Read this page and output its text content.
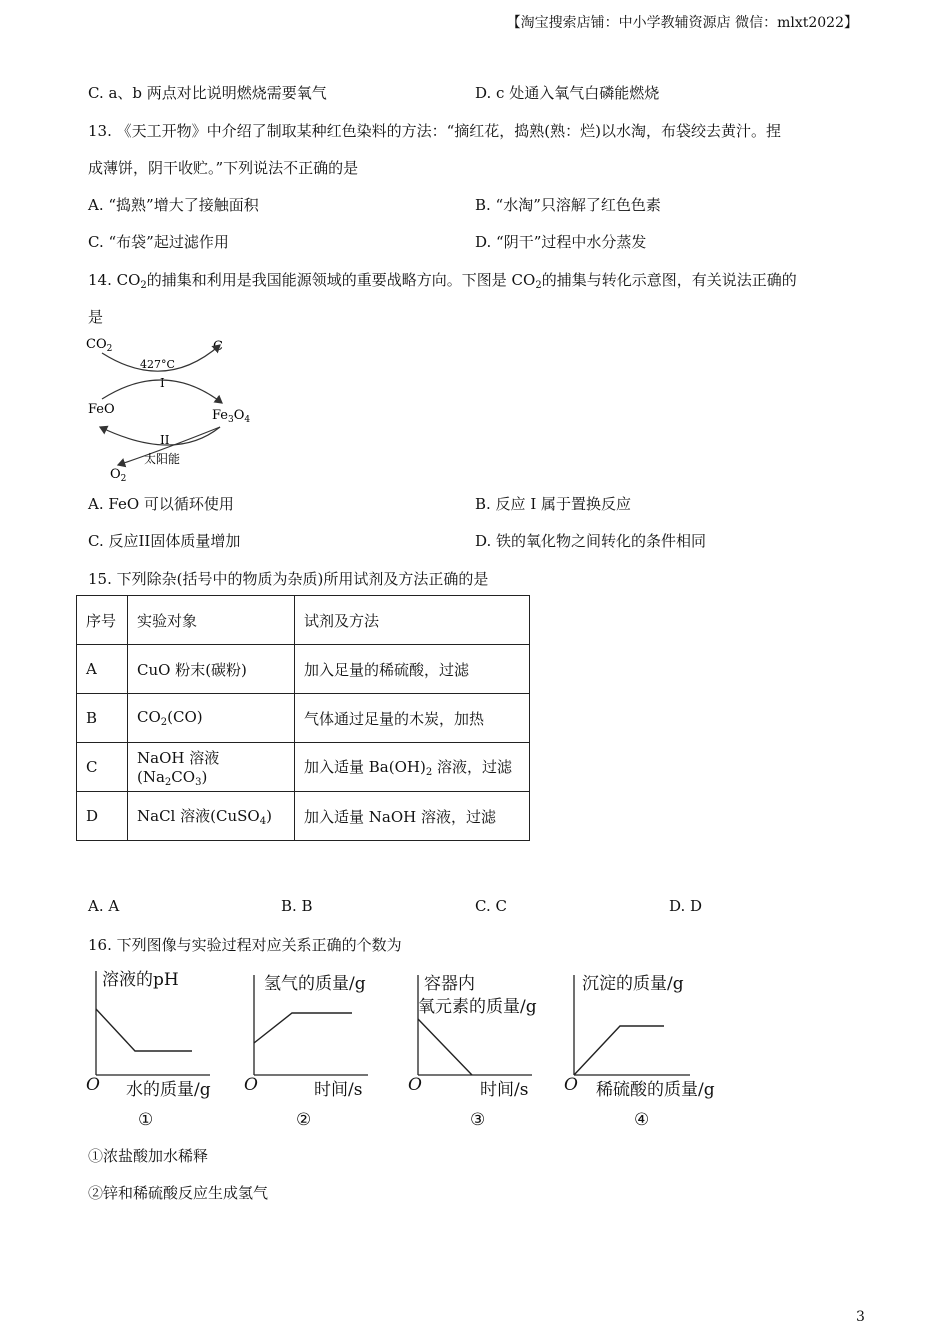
【淘宝搜索店铺：中小学教辅资源店 微信：mlxt2022】
C. a、b 两点对比说明燃烧需要氧气	D. c 处通入氧气白磷能燃烧
13. 《天工开物》中介绍了制取某种红色染料的方法：“摘红花，捣熟(熟：烂)以水淘，布袋绞去黄汁。捏
成薄饼，阴干收贮。”下列说法不正确的是
A. “捣熟”增大了接触面积	B. “水淘”只溶解了红色色素
C. “布袋”起过滤作用	D. “阴干”过程中水分蒸发
14. $CO_2$的捕集和利用是我国能源领域的重要战略方向。下图是 $CO_2$的捕集与转化示意图，有关说法正确的
是
$CO_2$	C
427°C
I
FeO	$Fe_3O_4$
II
太阳能
$O_2$
A. FeO 可以循环使用	B. 反应 I 属于置换反应
C. 反应II固体质量增加	D. 铁的氧化物之间转化的条件相同
15. 下列除杂(括号中的物质为杂质)所用试剂及方法正确的是
序号	实验对象	试剂及方法
A	CuO 粉末(碳粉)	加入足量的稀硫酸，过滤
B	$CO_2(CO)$	气体通过足量的木炭，加热
C	NaOH 溶液$(Na_2CO_3)$	加入适量 $Ba(OH)_2$ 溶液，过滤
D	NaCl 溶液(CuSO$_4$)	加入适量 NaOH 溶液，过滤
A. A	B. B	C. C	D. D
16. 下列图像与实验过程对应关系正确的个数为
溶液的pH
O 水的质量/g
①
氢气的质量/g
O	时间/s
②
容器内
氧元素的质量/g
O	时间/s
③
沉淀的质量/g
O 稀硫酸的质量/g
④
①浓盐酸加水稀释
②锌和稀硫酸反应生成氢气
3
